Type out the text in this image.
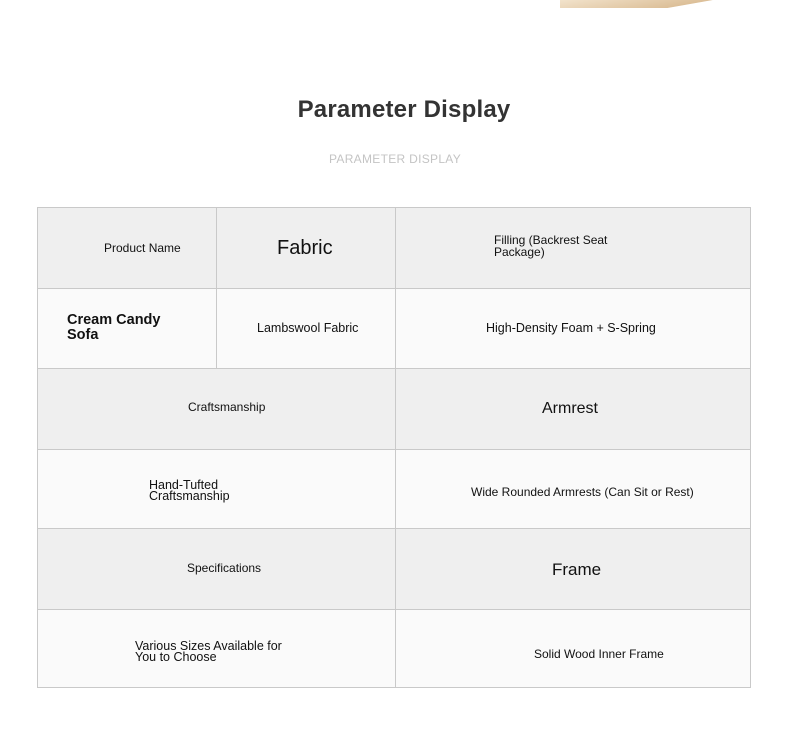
Parameter Display
PARAMETER DISPLAY
Product Name	Fabric	Filling (Backrest Seat Package)
Cream Candy Sofa	Lambswool Fabric	High-Density Foam + S-Spring
Craftsmanship	Armrest
Hand-Tufted Craftsmanship	Wide Rounded Armrests (Can Sit or Rest)
Specifications	Frame
Various Sizes Available for You to Choose	Solid Wood Inner Frame
